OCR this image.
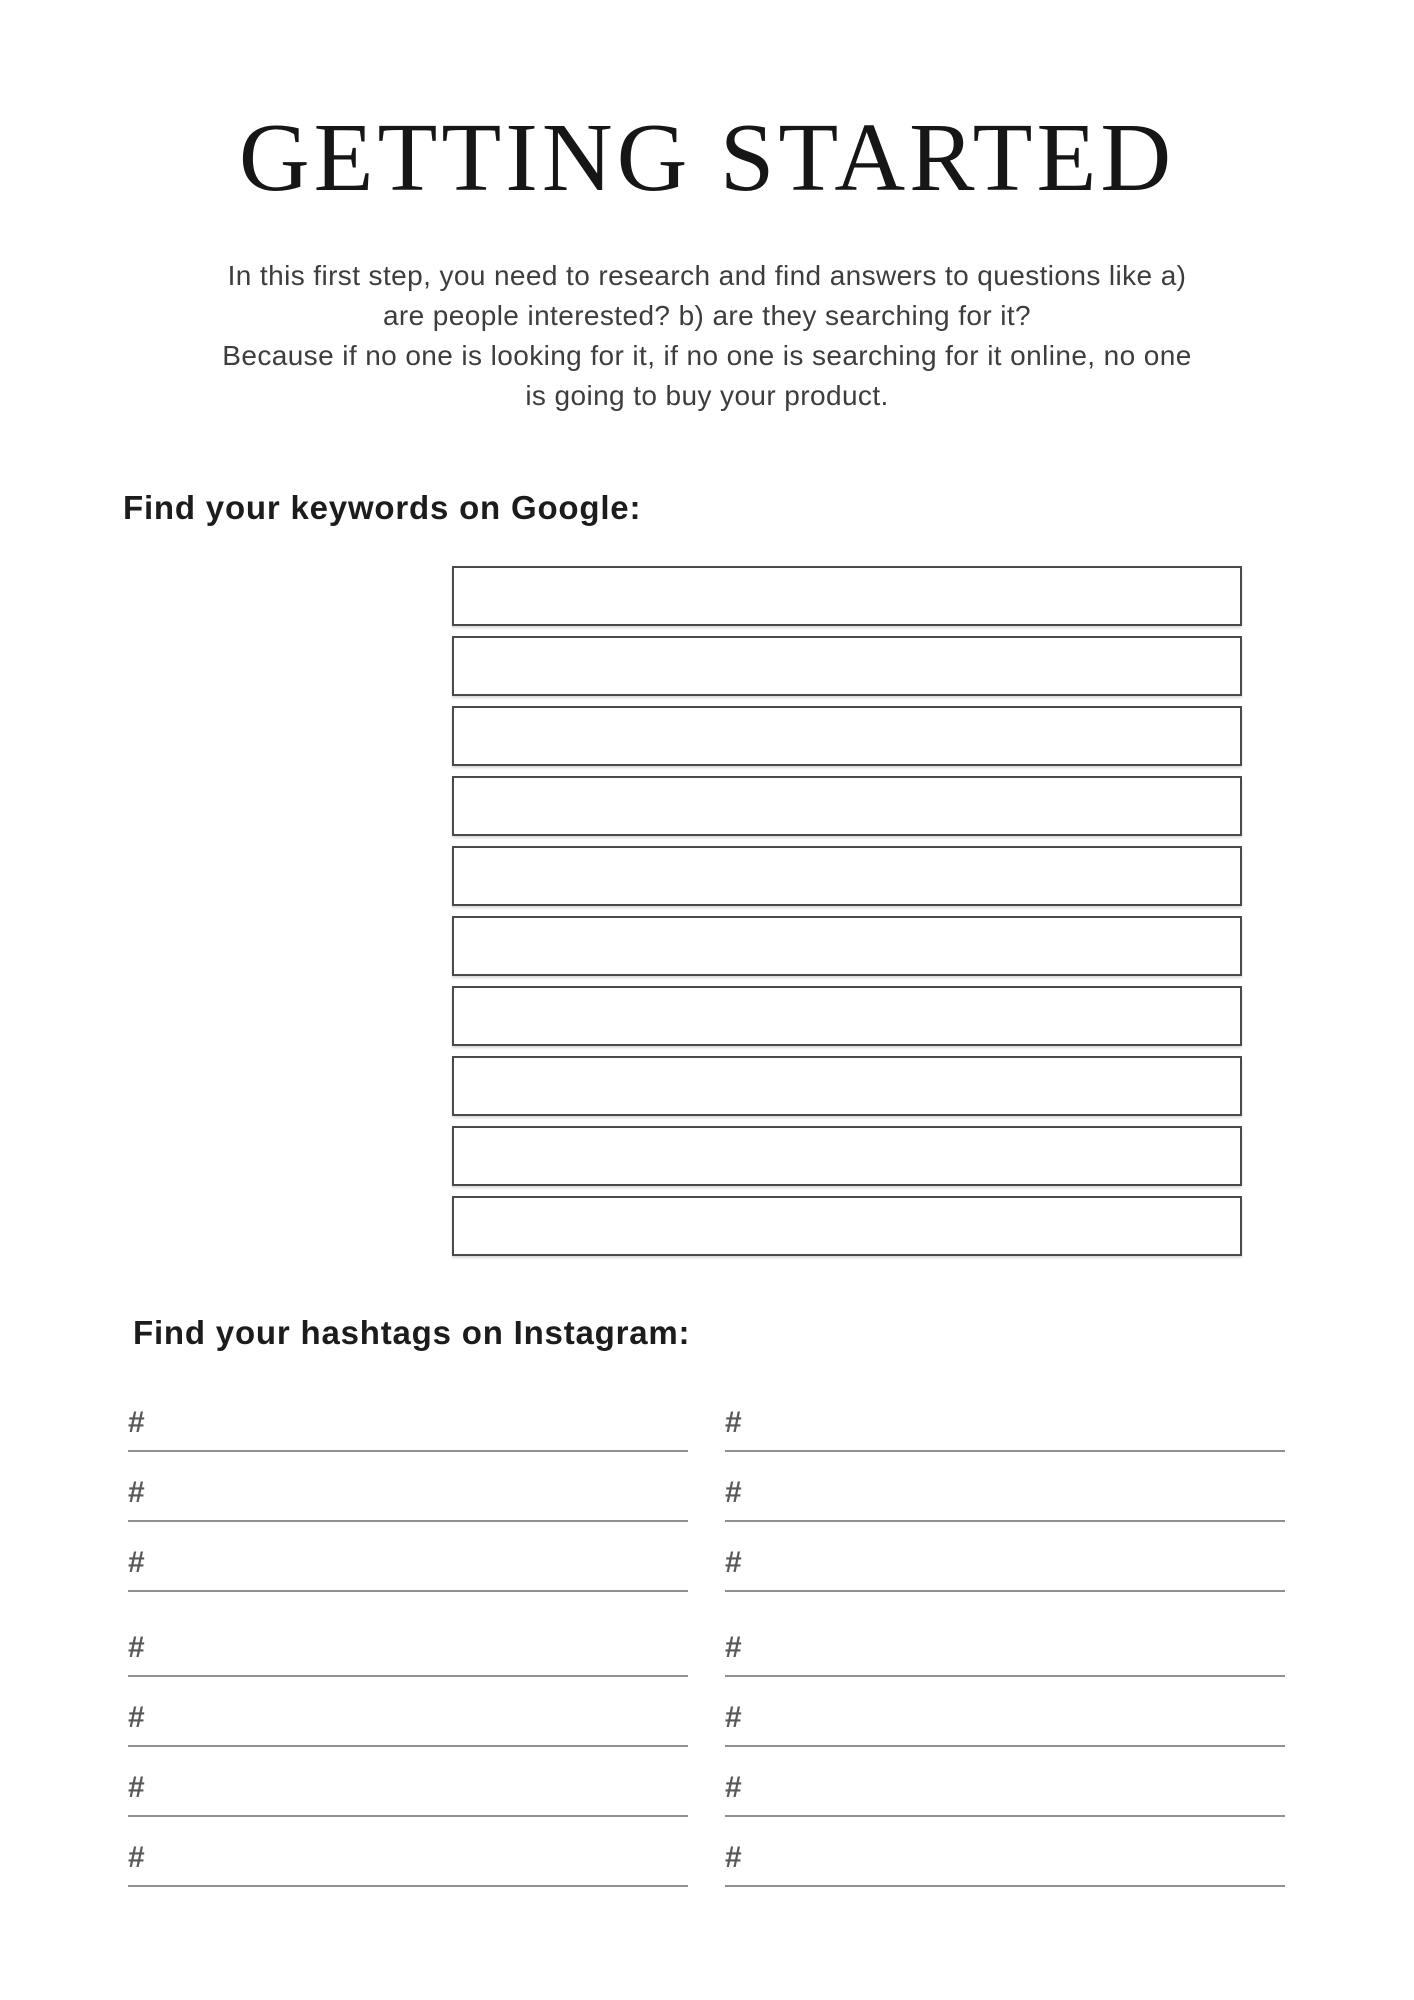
GETTING STARTED
In this first step, you need to research and find answers to questions like a)
are people interested? b) are they searching for it?
Because if no one is looking for it, if no one is searching for it online, no one
is going to buy your product.
Find your keywords on Google:
Find your hashtags on Instagram:
#
#
#
#
#
#
#
#
#
#
#
#
#
#
